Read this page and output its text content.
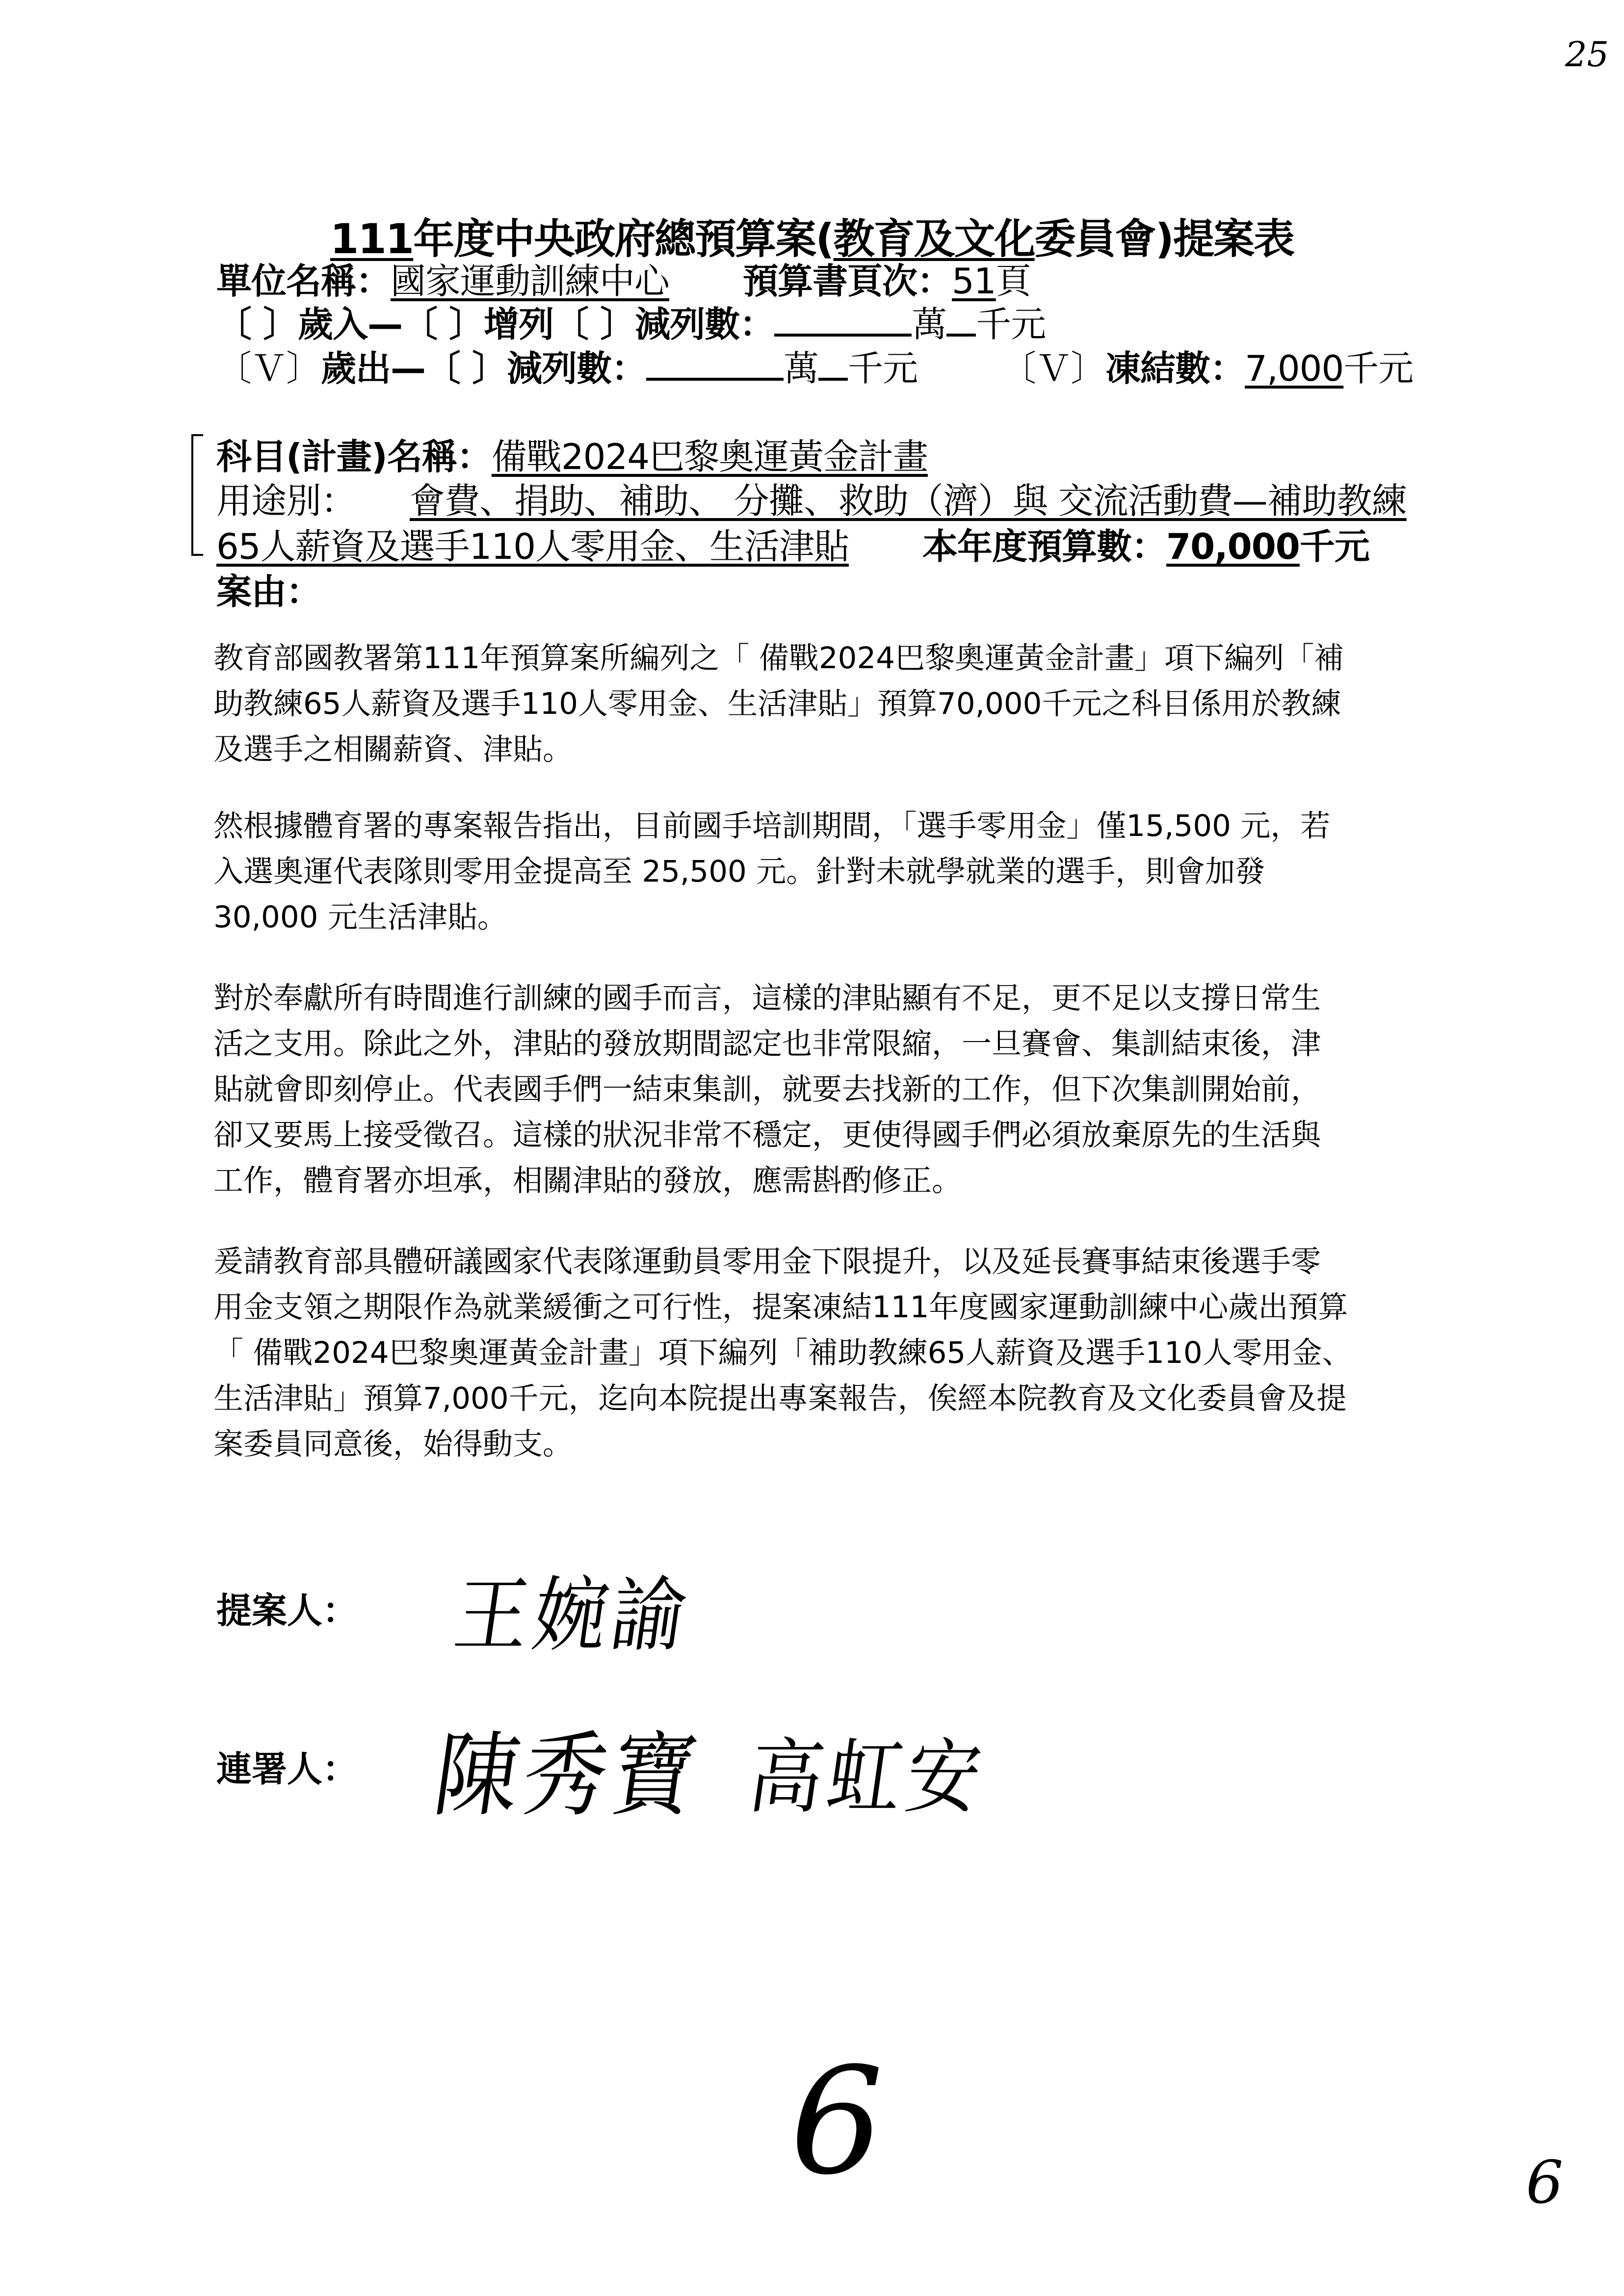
25
111年度中央政府總預算案(教育及文化委員會)提案表
單位名稱：國家運動訓練中心 預算書頁次：51頁
〔 〕歲入—〔 〕增列〔 〕減列數：	萬 千元
〔Ｖ〕歲出—〔 〕減列數：	萬 千元 〔Ｖ〕凍結數：7,000千元
科目(計畫)名稱：備戰2024巴黎奧運黃金計畫
用途別： 會費、捐助、補助、 分攤、救助（濟）與 交流活動費—補助教練
65人薪資及選手110人零用金、生活津貼 本年度預算數：70,000千元
案由：
教育部國教署第111年預算案所編列之「 備戰2024巴黎奧運黃金計畫」項下編列「補
助教練65人薪資及選手110人零用金、生活津貼」預算70,000千元之科目係用於教練
及選手之相關薪資、津貼。
然根據體育署的專案報告指出，目前國手培訓期間，「選手零用金」僅15,500 元，若
入選奧運代表隊則零用金提高至 25,500 元。針對未就學就業的選手，則會加發
30,000 元生活津貼。
對於奉獻所有時間進行訓練的國手而言，這樣的津貼顯有不足，更不足以支撐日常生
活之支用。除此之外，津貼的發放期間認定也非常限縮，一旦賽會、集訓結束後，津
貼就會即刻停止。代表國手們一結束集訓，就要去找新的工作，但下次集訓開始前，
卻又要馬上接受徵召。這樣的狀況非常不穩定，更使得國手們必須放棄原先的生活與
工作，體育署亦坦承，相關津貼的發放，應需斟酌修正。
爰請教育部具體研議國家代表隊運動員零用金下限提升，以及延長賽事結束後選手零
用金支領之期限作為就業緩衝之可行性，提案凍結111年度國家運動訓練中心歲出預算
「 備戰2024巴黎奧運黃金計畫」項下編列「補助教練65人薪資及選手110人零用金、
生活津貼」預算7,000千元，迄向本院提出專案報告，俟經本院教育及文化委員會及提
案委員同意後，始得動支。
提案人： 王婉諭
連署人： 陳秀寶 高虹安
6	6
